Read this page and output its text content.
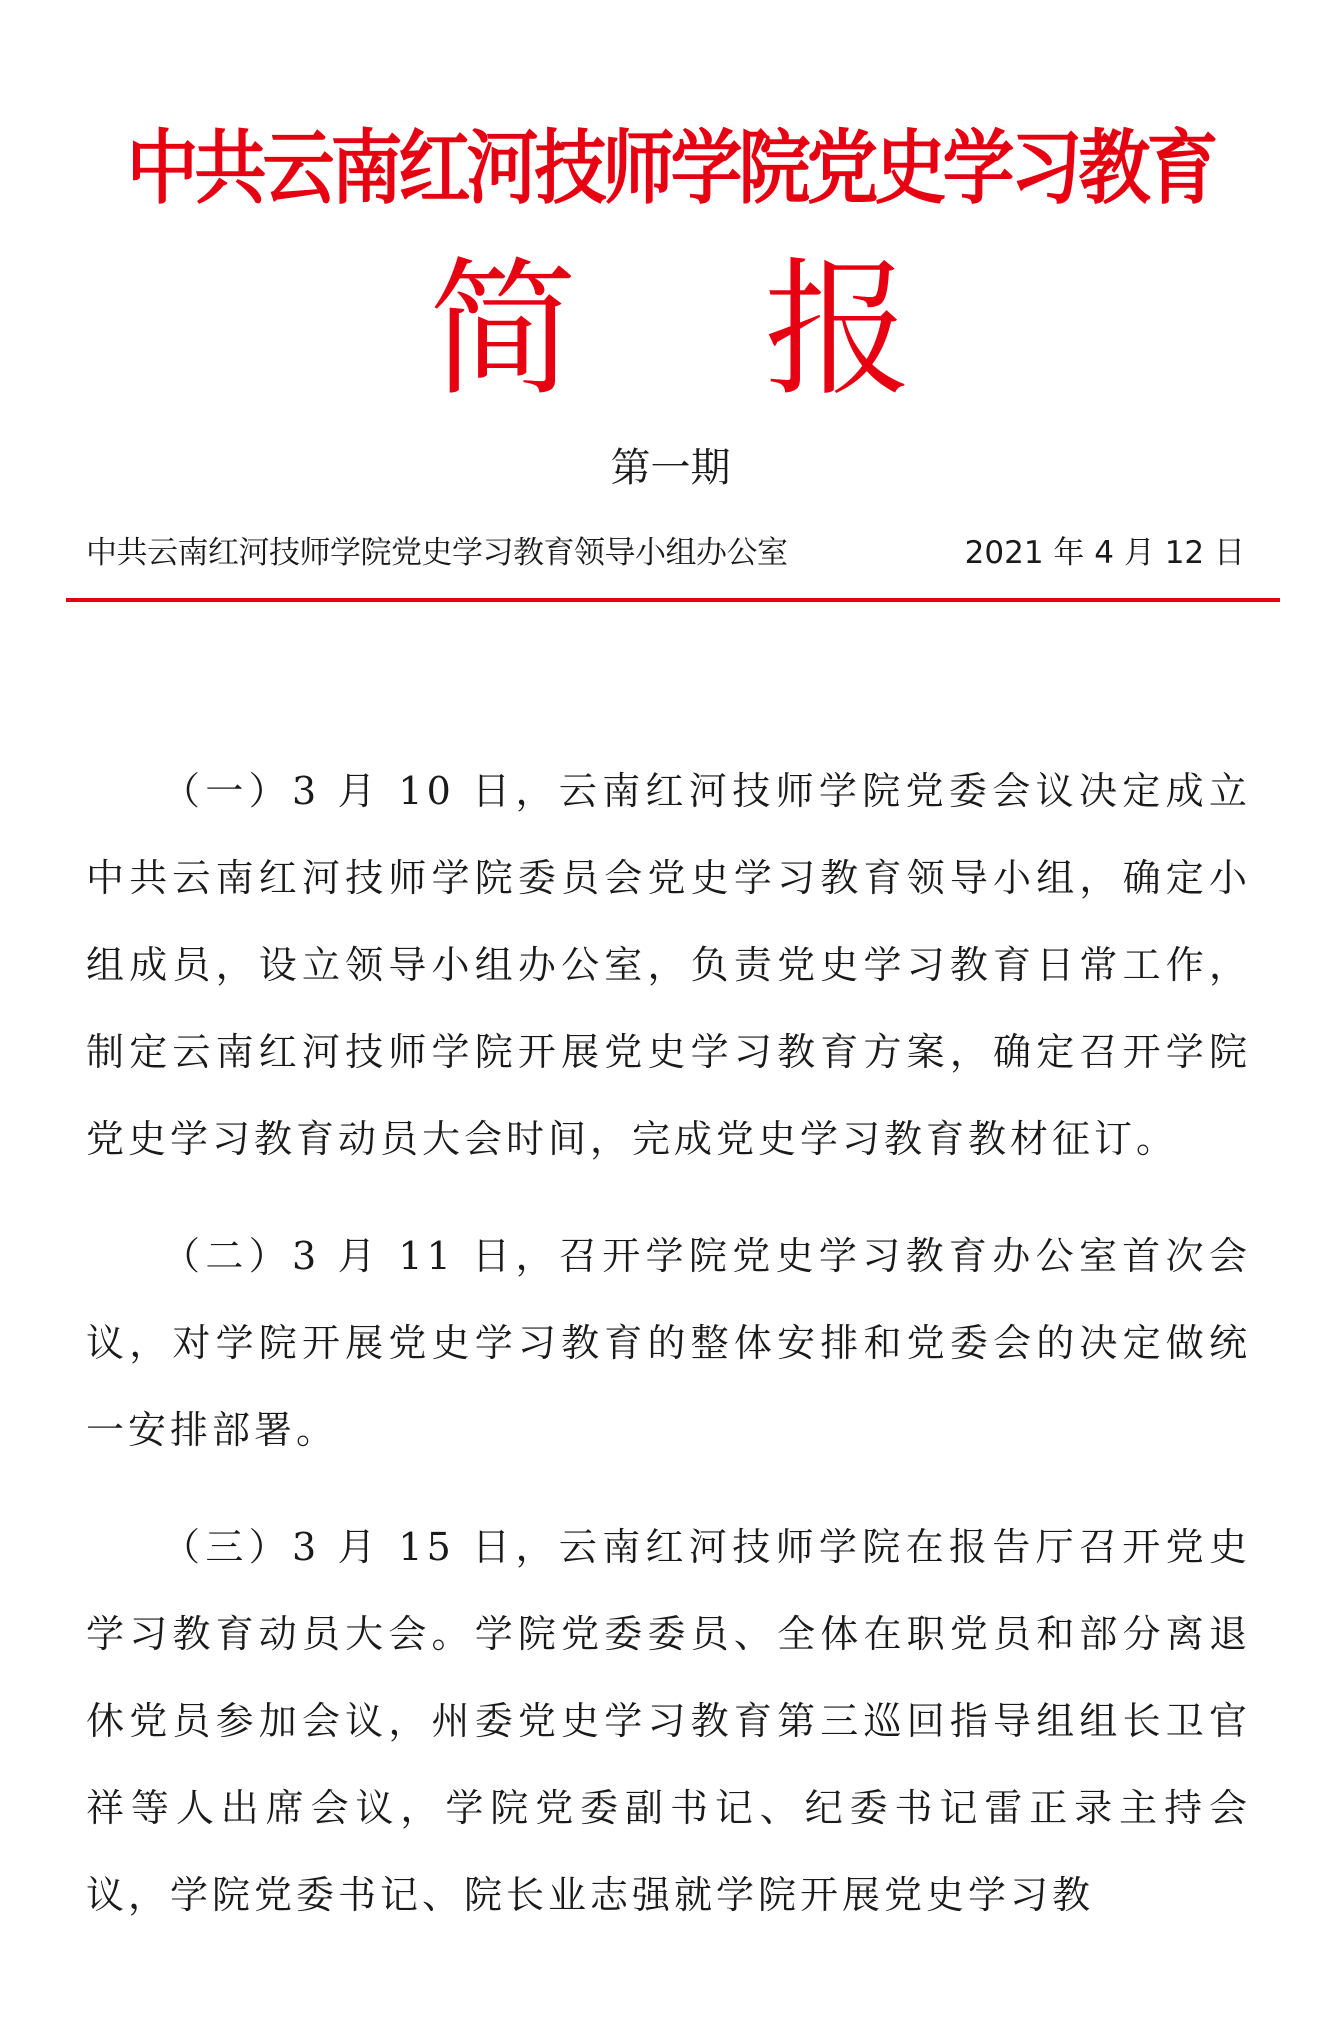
中共云南红河技师学院党史学习教育
简 报
第一期
中共云南红河技师学院党史学习教育领导小组办公室	2021 年 4 月 12 日

（一）3 月 10 日，云南红河技师学院党委会议决定成立中共云南红河技师学院委员会党史学习教育领导小组，确定小组成员，设立领导小组办公室，负责党史学习教育日常工作，制定云南红河技师学院开展党史学习教育方案，确定召开学院党史学习教育动员大会时间，完成党史学习教育教材征订。

（二）3 月 11 日，召开学院党史学习教育办公室首次会议，对学院开展党史学习教育的整体安排和党委会的决定做统一安排部署。

（三）3 月 15 日，云南红河技师学院在报告厅召开党史学习教育动员大会。学院党委委员、全体在职党员和部分离退休党员参加会议，州委党史学习教育第三巡回指导组组长卫官祥等人出席会议，学院党委副书记、纪委书记雷正录主持会议，学院党委书记、院长业志强就学院开展党史学习教
